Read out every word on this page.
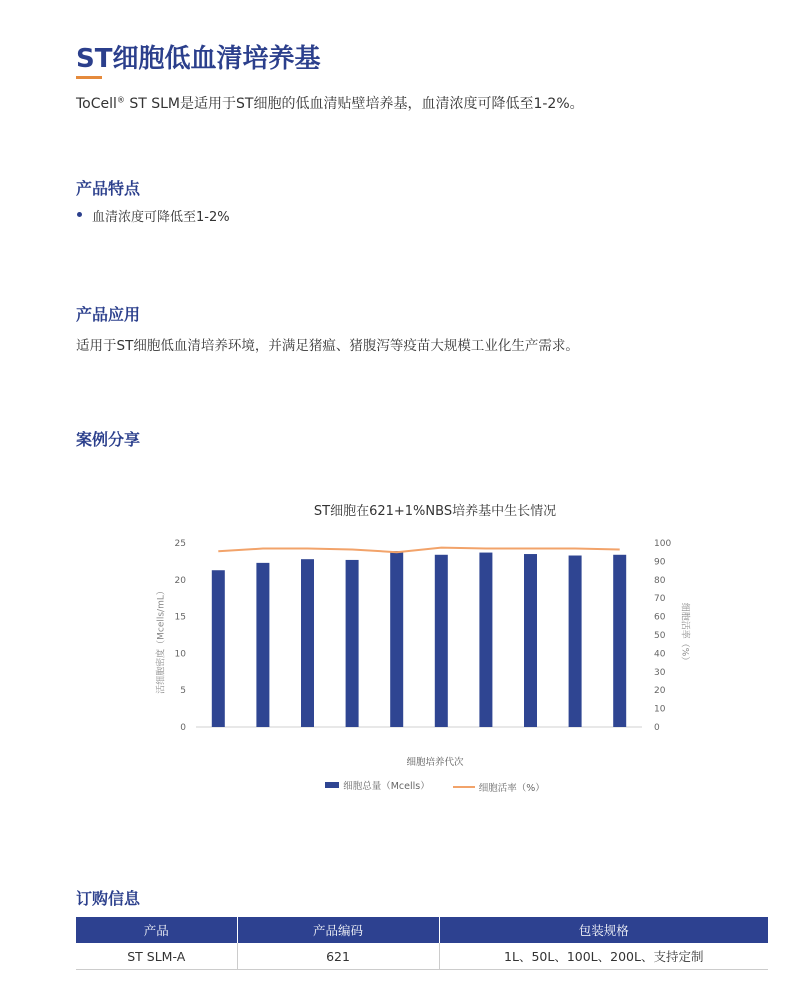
ST细胞低血清培养基

ToCell® ST SLM是适用于ST细胞的低血清贴壁培养基，血清浓度可降低至1-2%。

产品特点
血清浓度可降低至1-2%
产品应用

适用于ST细胞低血清培养环境，并满足猪瘟、猪腹泻等疫苗大规模工业化生产需求。

案例分享
ST细胞在621+1%NBS培养基中生长情况
0
5
10
15
20
25
0
10
20
30
40
50
60
70
80
90
100
活细胞密度（Mcells/mL）	细胞活率（%）
细胞培养代次
细胞总量（Mcells）
	细胞活率（%）
订购信息
产品	产品编码	包装规格
ST SLM-A	621	1L、50L、100L、200L、支持定制
